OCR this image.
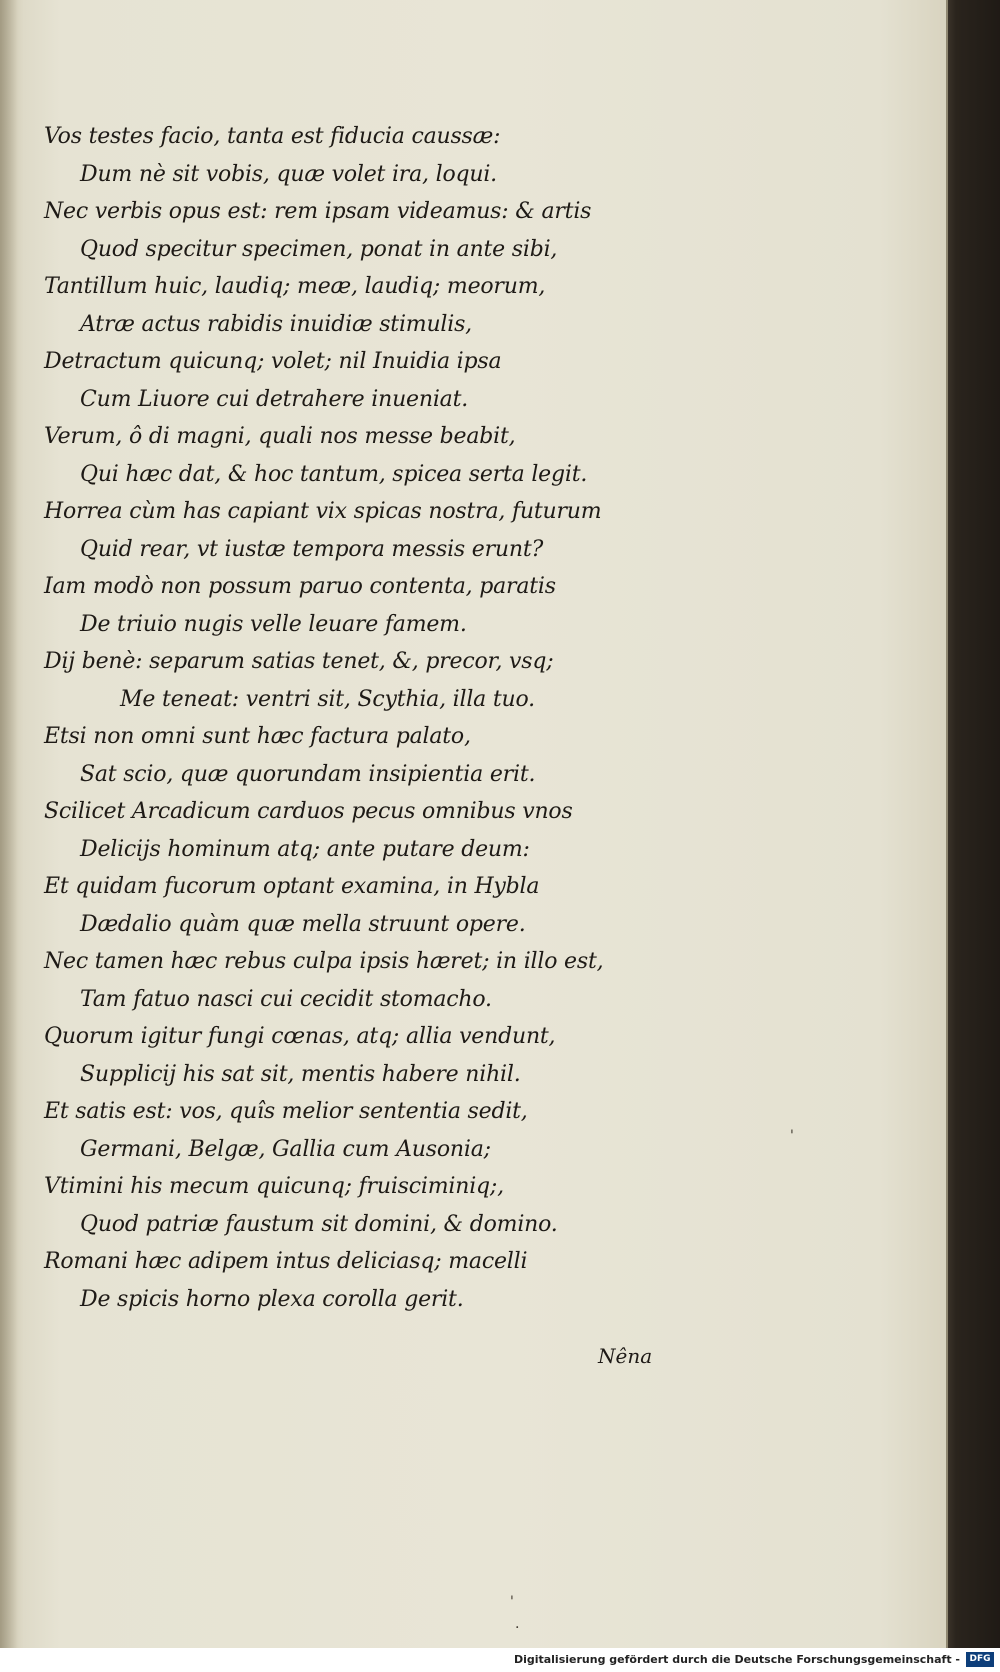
Vos testes facio, tanta est fiducia caussæ:
Dum nè sit vobis, quæ volet ira, loqui.
Nec verbis opus est: rem ipsam videamus: & artis
Quod specitur specimen, ponat in ante sibi,
Tantillum huic, laudiq; meæ, laudiq; meorum,
Atræ actus rabidis inuidiæ stimulis,
Detractum quicunq; volet; nil Inuidia ipsa
Cum Liuore cui detrahere inueniat.
Verum, ô di magni, quali nos messe beabit,
Qui hæc dat, & hoc tantum, spicea serta legit.
Horrea cùm has capiant vix spicas nostra, futurum
Quid rear, vt iustæ tempora messis erunt?
Iam modò non possum paruo contenta, paratis
De triuio nugis velle leuare famem.
Dij benè: separum satias tenet, &, precor, vsq;
Me teneat: ventri sit, Scythia, illa tuo.
Etsi non omni sunt hæc factura palato,
Sat scio, quæ quorundam insipientia erit.
Scilicet Arcadicum carduos pecus omnibus vnos
Delicijs hominum atq; ante putare deum:
Et quidam fucorum optant examina, in Hybla
Dædalio quàm quæ mella struunt opere.
Nec tamen hæc rebus culpa ipsis hæret; in illo est,
Tam fatuo nasci cui cecidit stomacho.
Quorum igitur fungi cœnas, atq; allia vendunt,
Supplicij his sat sit, mentis habere nihil.
Et satis est: vos, quîs melior sententia sedit,
Germani, Belgæ, Gallia cum Ausonia;
Vtimini his mecum quicunq; fruisciminiq;,
Quod patriæ faustum sit domini, & domino.
Romani hæc adipem intus deliciasq; macelli
De spicis horno plexa corolla gerit.
Nêna
'
.
'
Digitalisierung gefördert durch die Deutsche Forschungsgemeinschaft -	DFG
